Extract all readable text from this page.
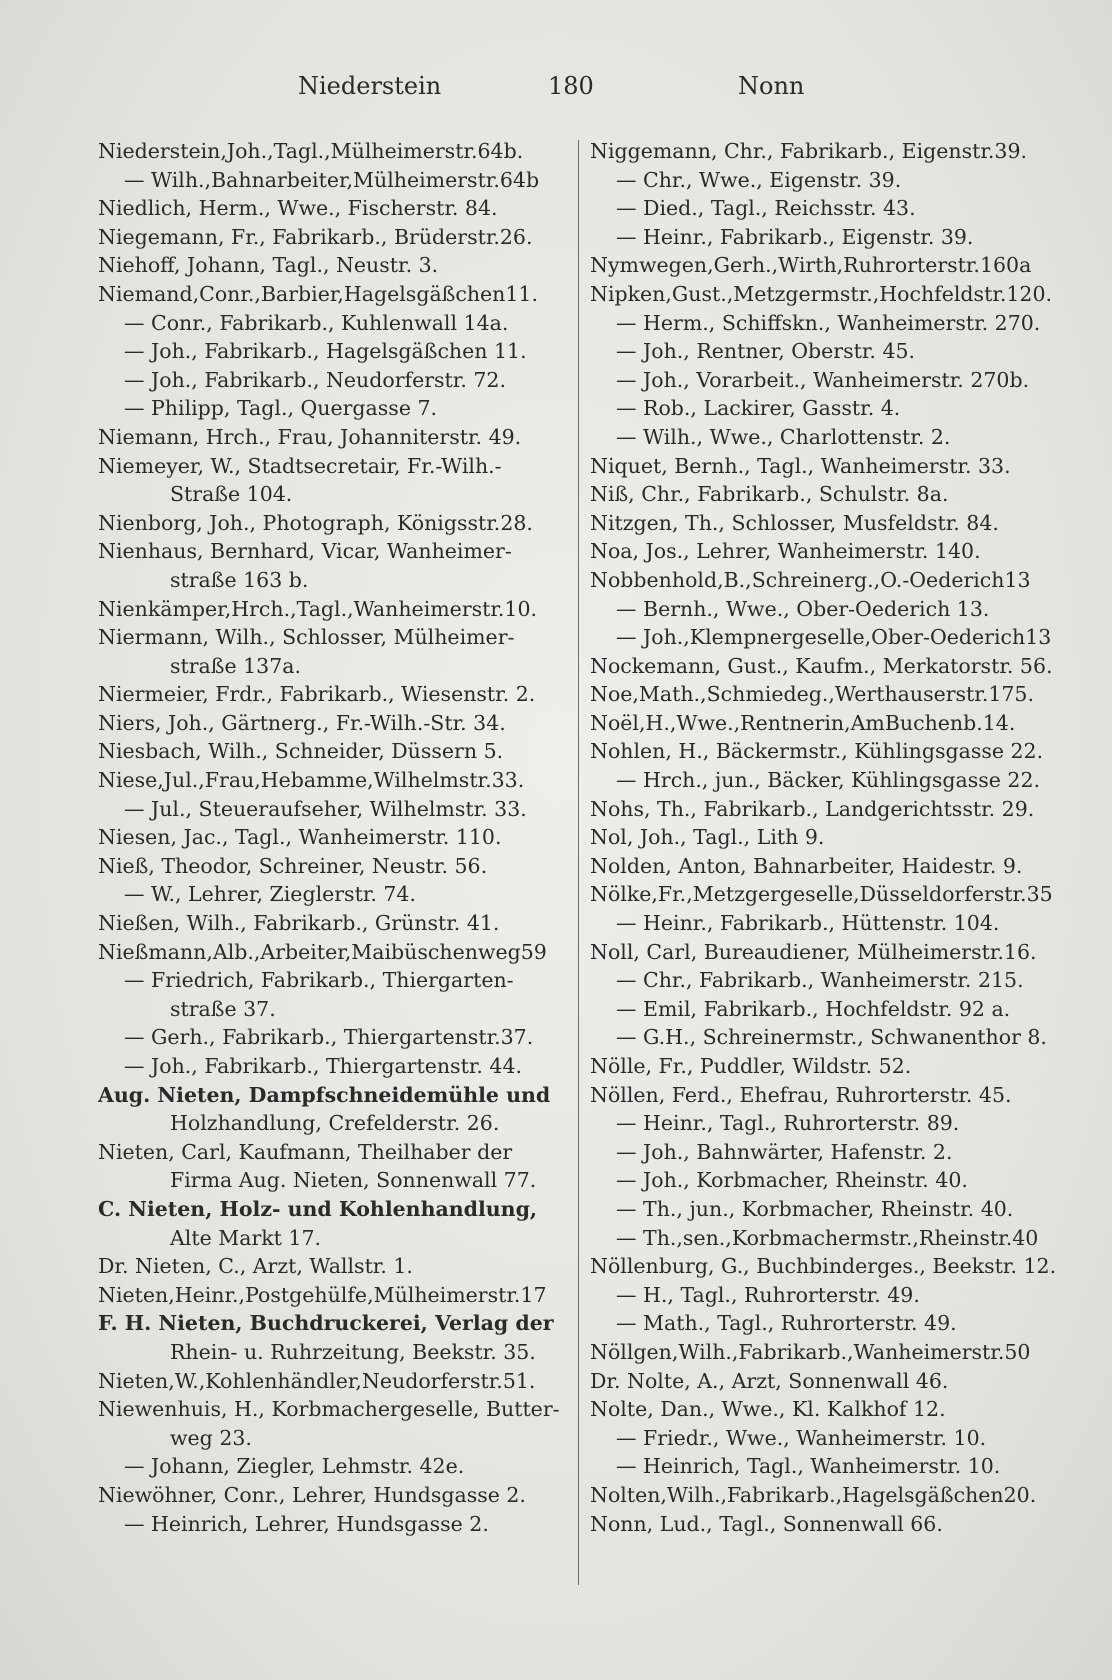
Niederstein	180	Nonn
Niederstein,Joh.,Tagl.,Mülheimerstr.64b.
— Wilh.,Bahnarbeiter,Mülheimerstr.64b
Niedlich, Herm., Wwe., Fischerstr. 84.
Niegemann, Fr., Fabrikarb., Brüderstr.26.
Niehoff, Johann, Tagl., Neustr. 3.
Niemand,Conr.,Barbier,Hagelsgäßchen11.
— Conr., Fabrikarb., Kuhlenwall 14a.
— Joh., Fabrikarb., Hagelsgäßchen 11.
— Joh., Fabrikarb., Neudorferstr. 72.
— Philipp, Tagl., Quergasse 7.
Niemann, Hrch., Frau, Johanniterstr. 49.
Niemeyer, W., Stadtsecretair, Fr.-Wilh.-
Straße 104.
Nienborg, Joh., Photograph, Königsstr.28.
Nienhaus, Bernhard, Vicar, Wanheimer-
straße 163 b.
Nienkämper,Hrch.,Tagl.,Wanheimerstr.10.
Niermann, Wilh., Schlosser, Mülheimer-
straße 137a.
Niermeier, Frdr., Fabrikarb., Wiesenstr. 2.
Niers, Joh., Gärtnerg., Fr.-Wilh.-Str. 34.
Niesbach, Wilh., Schneider, Düssern 5.
Niese,Jul.,Frau,Hebamme,Wilhelmstr.33.
— Jul., Steueraufseher, Wilhelmstr. 33.
Niesen, Jac., Tagl., Wanheimerstr. 110.
Nieß, Theodor, Schreiner, Neustr. 56.
— W., Lehrer, Zieglerstr. 74.
Nießen, Wilh., Fabrikarb., Grünstr. 41.
Nießmann,Alb.,Arbeiter,Maibüschenweg59
— Friedrich, Fabrikarb., Thiergarten-
straße 37.
— Gerh., Fabrikarb., Thiergartenstr.37.
— Joh., Fabrikarb., Thiergartenstr. 44.
Aug. Nieten, Dampfschneidemühle und
Holzhandlung, Crefelderstr. 26.
Nieten, Carl, Kaufmann, Theilhaber der
Firma Aug. Nieten, Sonnenwall 77.
C. Nieten, Holz- und Kohlenhandlung,
Alte Markt 17.
Dr. Nieten, C., Arzt, Wallstr. 1.
Nieten,Heinr.,Postgehülfe,Mülheimerstr.17
F. H. Nieten, Buchdruckerei, Verlag der
Rhein- u. Ruhrzeitung, Beekstr. 35.
Nieten,W.,Kohlenhändler,Neudorferstr.51.
Niewenhuis, H., Korbmachergeselle, Butter-
weg 23.
— Johann, Ziegler, Lehmstr. 42e.
Niewöhner, Conr., Lehrer, Hundsgasse 2.
— Heinrich, Lehrer, Hundsgasse 2.
Niggemann, Chr., Fabrikarb., Eigenstr.39.
— Chr., Wwe., Eigenstr. 39.
— Died., Tagl., Reichsstr. 43.
— Heinr., Fabrikarb., Eigenstr. 39.
Nymwegen,Gerh.,Wirth,Ruhrorterstr.160a
Nipken,Gust.,Metzgermstr.,Hochfeldstr.120.
— Herm., Schiffskn., Wanheimerstr. 270.
— Joh., Rentner, Oberstr. 45.
— Joh., Vorarbeit., Wanheimerstr. 270b.
— Rob., Lackirer, Gasstr. 4.
— Wilh., Wwe., Charlottenstr. 2.
Niquet, Bernh., Tagl., Wanheimerstr. 33.
Niß, Chr., Fabrikarb., Schulstr. 8a.
Nitzgen, Th., Schlosser, Musfeldstr. 84.
Noa, Jos., Lehrer, Wanheimerstr. 140.
Nobbenhold,B.,Schreinerg.,O.-Oederich13
— Bernh., Wwe., Ober-Oederich 13.
— Joh.,Klempnergeselle,Ober-Oederich13
Nockemann, Gust., Kaufm., Merkatorstr. 56.
Noe,Math.,Schmiedeg.,Werthauserstr.175.
Noël,H.,Wwe.,Rentnerin,AmBuchenb.14.
Nohlen, H., Bäckermstr., Kühlingsgasse 22.
— Hrch., jun., Bäcker, Kühlingsgasse 22.
Nohs, Th., Fabrikarb., Landgerichtsstr. 29.
Nol, Joh., Tagl., Lith 9.
Nolden, Anton, Bahnarbeiter, Haidestr. 9.
Nölke,Fr.,Metzgergeselle,Düsseldorferstr.35
— Heinr., Fabrikarb., Hüttenstr. 104.
Noll, Carl, Bureaudiener, Mülheimerstr.16.
— Chr., Fabrikarb., Wanheimerstr. 215.
— Emil, Fabrikarb., Hochfeldstr. 92 a.
— G.H., Schreinermstr., Schwanenthor 8.
Nölle, Fr., Puddler, Wildstr. 52.
Nöllen, Ferd., Ehefrau, Ruhrorterstr. 45.
— Heinr., Tagl., Ruhrorterstr. 89.
— Joh., Bahnwärter, Hafenstr. 2.
— Joh., Korbmacher, Rheinstr. 40.
— Th., jun., Korbmacher, Rheinstr. 40.
— Th.,sen.,Korbmachermstr.,Rheinstr.40
Nöllenburg, G., Buchbinderges., Beekstr. 12.
— H., Tagl., Ruhrorterstr. 49.
— Math., Tagl., Ruhrorterstr. 49.
Nöllgen,Wilh.,Fabrikarb.,Wanheimerstr.50
Dr. Nolte, A., Arzt, Sonnenwall 46.
Nolte, Dan., Wwe., Kl. Kalkhof 12.
— Friedr., Wwe., Wanheimerstr. 10.
— Heinrich, Tagl., Wanheimerstr. 10.
Nolten,Wilh.,Fabrikarb.,Hagelsgäßchen20.
Nonn, Lud., Tagl., Sonnenwall 66.
